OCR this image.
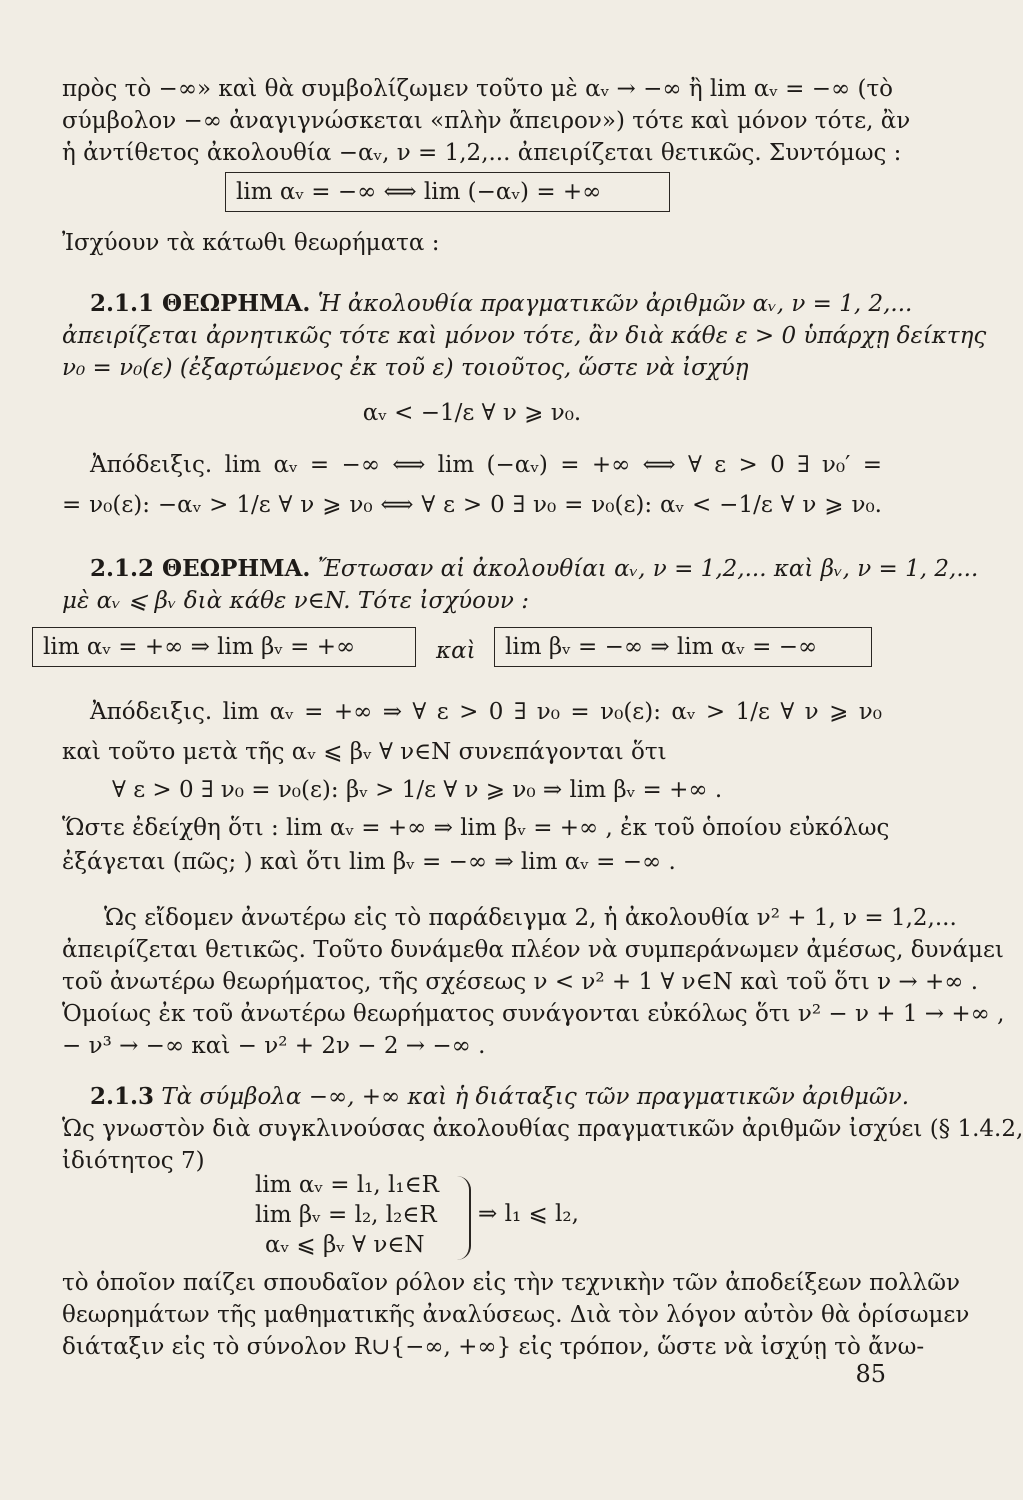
πρὸς τὸ −∞» καὶ θὰ συμβολίζωμεν τοῦτο μὲ αᵥ → −∞ ἢ lim αᵥ = −∞ (τὸ
σύμβολον −∞ ἀναγιγνώσκεται «πλὴν ἄπειρον») τότε καὶ μόνον τότε, ἂν
ἡ ἀντίθετος ἀκολουθία −αᵥ, ν = 1,2,... ἀπειρίζεται θετικῶς. Συντόμως :
lim αᵥ = −∞ ⟺ lim (−αᵥ) = +∞
Ἰσχύουν τὰ κάτωθι θεωρήματα :
2.1.1 ΘΕΩΡΗΜΑ. Ἡ ἀκολουθία πραγματικῶν ἀριθμῶν αᵥ, ν = 1, 2,...
ἀπειρίζεται ἀρνητικῶς τότε καὶ μόνον τότε, ἂν διὰ κάθε ε > 0 ὑπάρχῃ δείκτης
ν₀ = ν₀(ε) (ἐξαρτώμενος ἐκ τοῦ ε) τοιοῦτος, ὥστε νὰ ἰσχύῃ
αᵥ < −1/ε ∀ ν ⩾ ν₀.
Ἀπόδειξις. lim αᵥ = −∞ ⟺ lim (−αᵥ) = +∞ ⟺ ∀ ε > 0 ∃ ν₀′ =
= ν₀(ε): −αᵥ > 1/ε ∀ ν ⩾ ν₀ ⟺ ∀ ε > 0 ∃ ν₀ = ν₀(ε): αᵥ < −1/ε ∀ ν ⩾ ν₀.
2.1.2 ΘΕΩΡΗΜΑ. Ἔστωσαν αἱ ἀκολουθίαι αᵥ, ν = 1,2,... καὶ βᵥ, ν = 1, 2,...
μὲ αᵥ ⩽ βᵥ διὰ κάθε ν∈N. Τότε ἰσχύουν :
lim αᵥ = +∞ ⇒ lim βᵥ = +∞	καὶ	lim βᵥ = −∞ ⇒ lim αᵥ = −∞
Ἀπόδειξις. lim αᵥ = +∞ ⇒ ∀ ε > 0 ∃ ν₀ = ν₀(ε): αᵥ > 1/ε ∀ ν ⩾ ν₀
καὶ τοῦτο μετὰ τῆς αᵥ ⩽ βᵥ ∀ ν∈N συνεπάγονται ὅτι
∀ ε > 0 ∃ ν₀ = ν₀(ε): βᵥ > 1/ε ∀ ν ⩾ ν₀ ⇒ lim βᵥ = +∞ .
Ὥστε ἐδείχθη ὅτι : lim αᵥ = +∞ ⇒ lim βᵥ = +∞ , ἐκ τοῦ ὁποίου εὐκόλως
ἐξάγεται (πῶς; ) καὶ ὅτι lim βᵥ = −∞ ⇒ lim αᵥ = −∞ .
Ὡς εἴδομεν ἀνωτέρω εἰς τὸ παράδειγμα 2, ἡ ἀκολουθία ν² + 1, ν = 1,2,...
ἀπειρίζεται θετικῶς. Τοῦτο δυνάμεθα πλέον νὰ συμπεράνωμεν ἀμέσως, δυνάμει
τοῦ ἀνωτέρω θεωρήματος, τῆς σχέσεως ν < ν² + 1 ∀ ν∈N καὶ τοῦ ὅτι ν → +∞ .
Ὁμοίως ἐκ τοῦ ἀνωτέρω θεωρήματος συνάγονται εὐκόλως ὅτι ν² − ν + 1 → +∞ ,
− ν³ → −∞ καὶ − ν² + 2ν − 2 → −∞ .
2.1.3 Τὰ σύμβολα −∞, +∞ καὶ ἡ διάταξις τῶν πραγματικῶν ἀριθμῶν.
Ὡς γνωστὸν διὰ συγκλινούσας ἀκολουθίας πραγματικῶν ἀριθμῶν ἰσχύει (§ 1.4.2,
ἰδιότητος 7)
lim αᵥ = l₁, l₁∈R
lim βᵥ = l₂, l₂∈R
αᵥ ⩽ βᵥ ∀ ν∈N
⇒ l₁ ⩽ l₂,
τὸ ὁποῖον παίζει σπουδαῖον ρόλον εἰς τὴν τεχνικὴν τῶν ἀποδείξεων πολλῶν
θεωρημάτων τῆς μαθηματικῆς ἀναλύσεως. Διὰ τὸν λόγον αὐτὸν θὰ ὁρίσωμεν
διάταξιν εἰς τὸ σύνολον R∪{−∞, +∞} εἰς τρόπον, ὥστε νὰ ἰσχύῃ τὸ ἄνω-
85
